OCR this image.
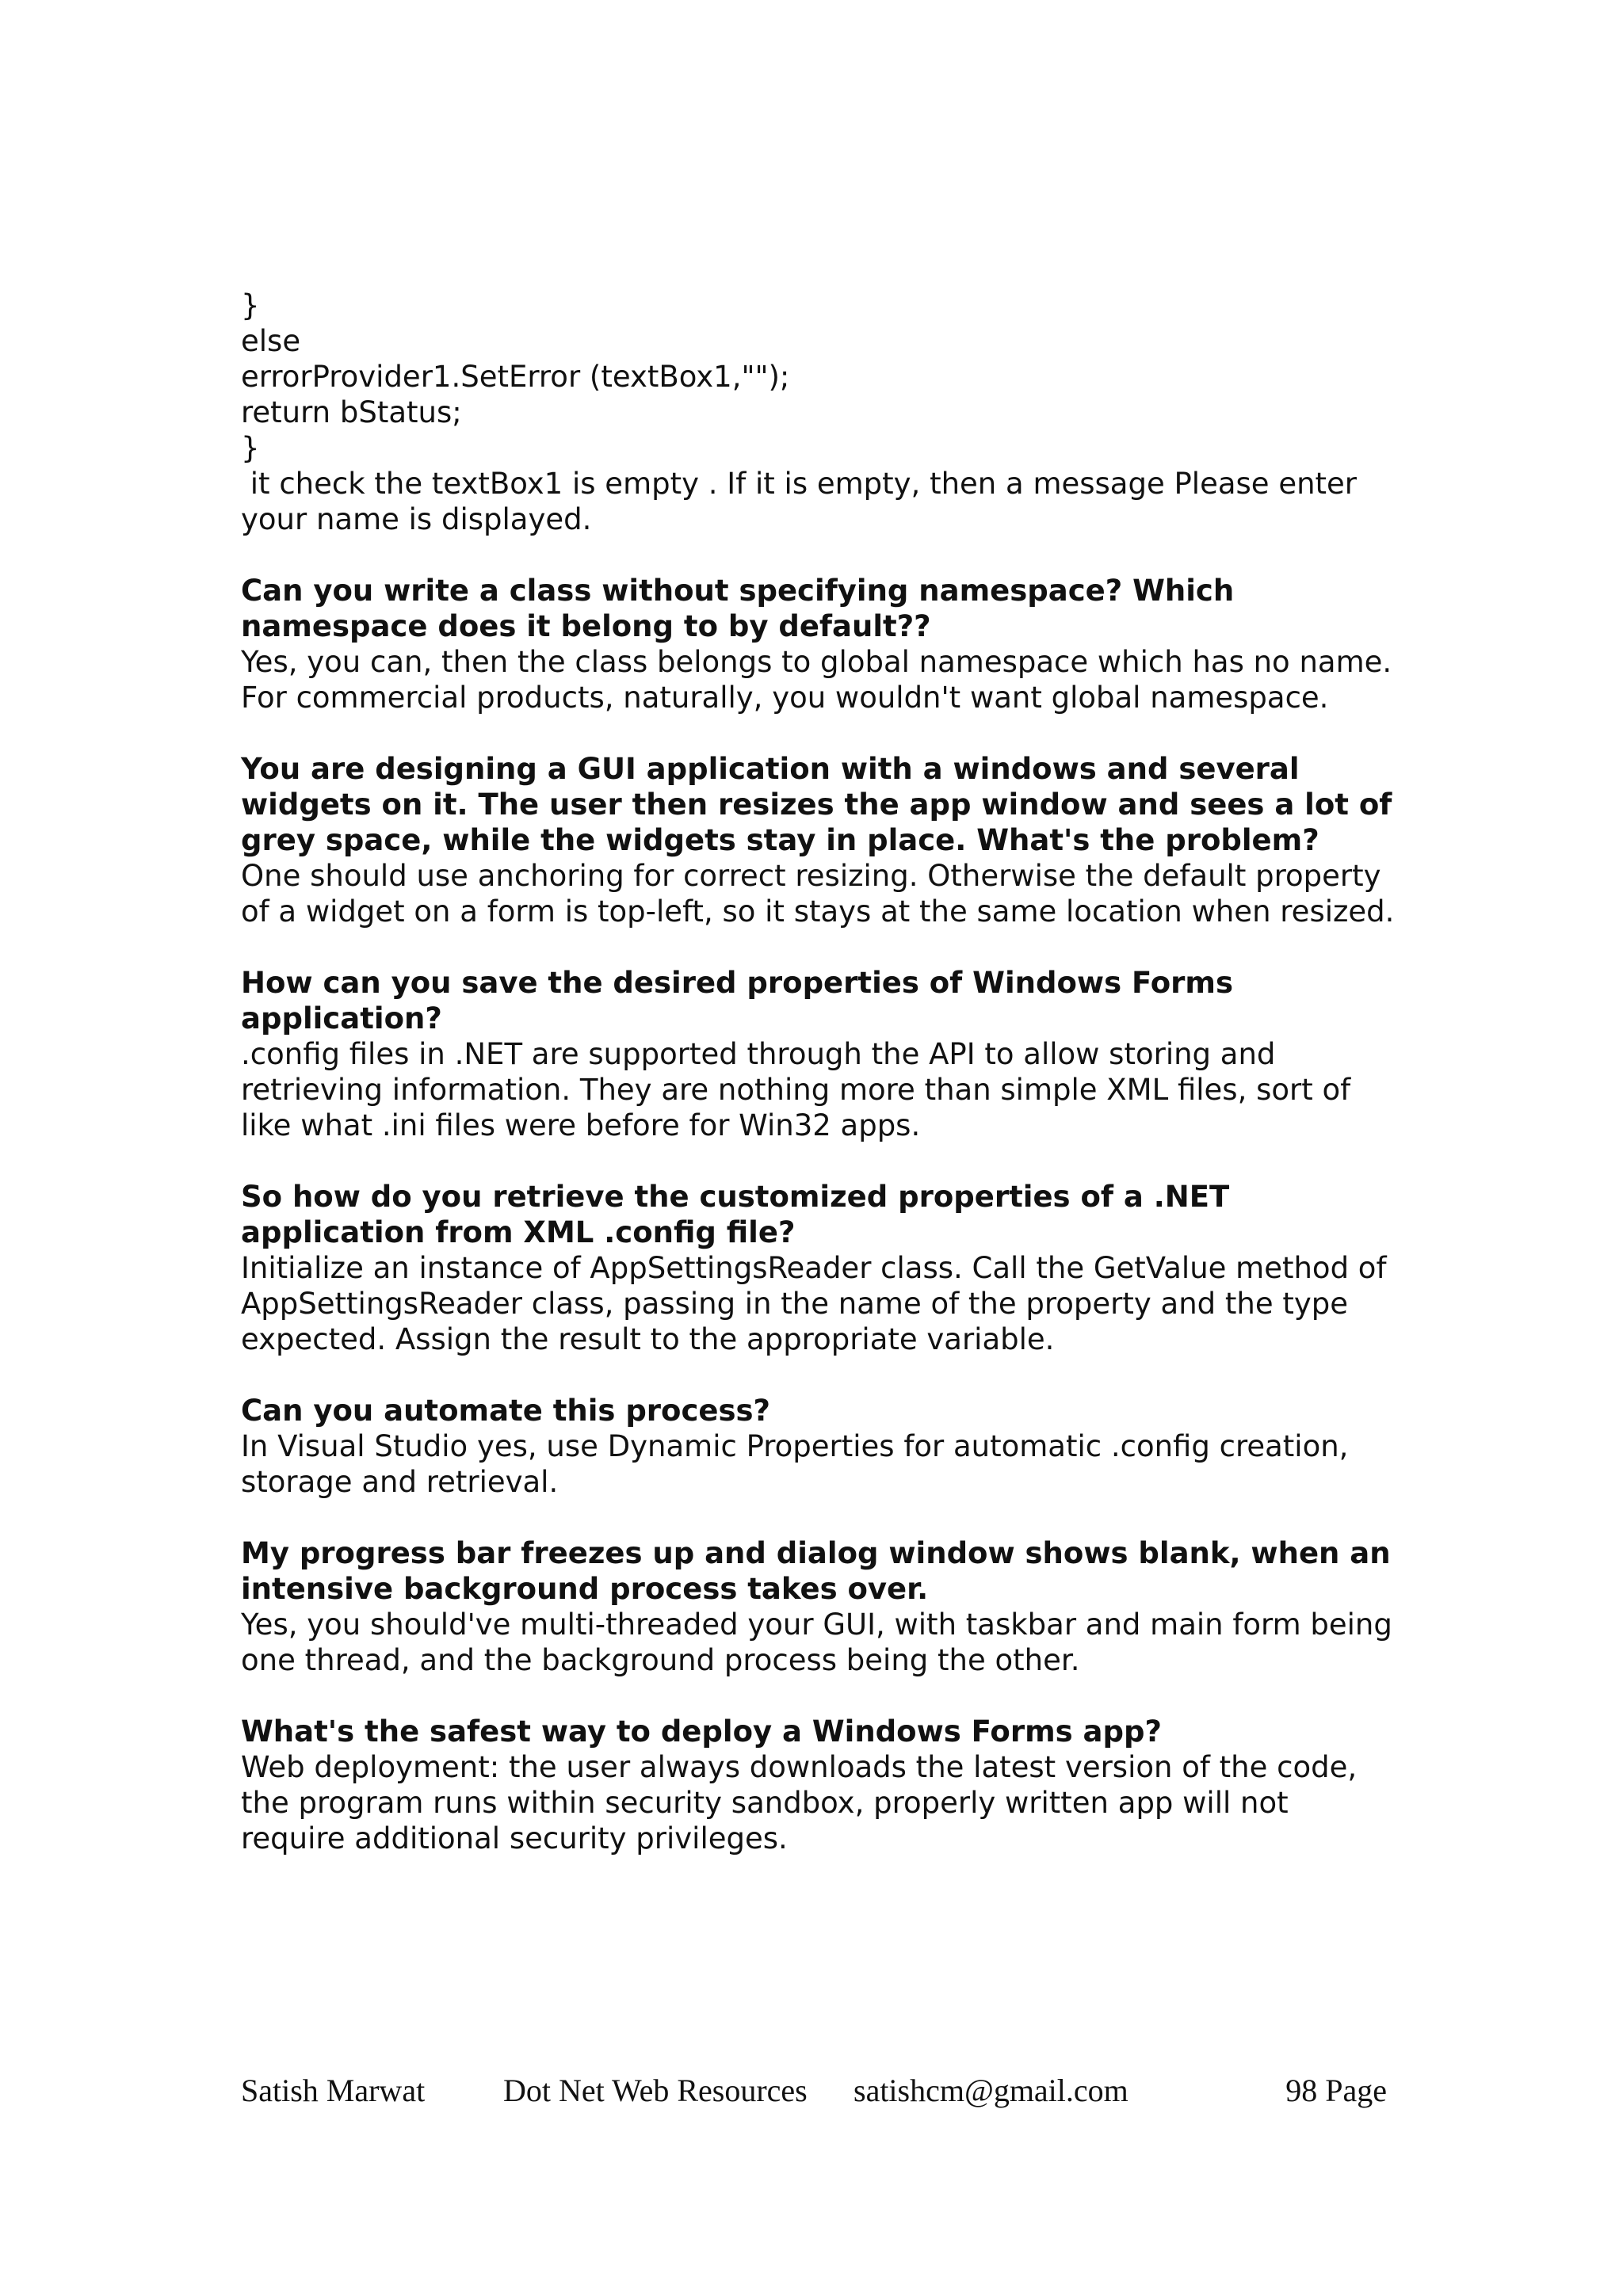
}
else
errorProvider1.SetError (textBox1,"");
return bStatus;
}
it check the textBox1 is empty . If it is empty, then a message Please enter your name is displayed.
Can you write a class without specifying namespace? Which namespace does it belong to by default??
Yes, you can, then the class belongs to global namespace which has no name. For commercial products, naturally, you wouldn't want global namespace.
You are designing a GUI application with a windows and several widgets on it. The user then resizes the app window and sees a lot of grey space, while the widgets stay in place. What's the problem?
One should use anchoring for correct resizing. Otherwise the default property of a widget on a form is top-left, so it stays at the same location when resized.
How can you save the desired properties of Windows Forms application?
.config files in .NET are supported through the API to allow storing and retrieving information. They are nothing more than simple XML files, sort of like what .ini files were before for Win32 apps.
So how do you retrieve the customized properties of a .NET application from XML .config file?
Initialize an instance of AppSettingsReader class. Call the GetValue method of AppSettingsReader class, passing in the name of the property and the type expected. Assign the result to the appropriate variable.
Can you automate this process?
In Visual Studio yes, use Dynamic Properties for automatic .config creation, storage and retrieval.
My progress bar freezes up and dialog window shows blank, when an intensive background process takes over.
Yes, you should've multi-threaded your GUI, with taskbar and main form being one thread, and the background process being the other.
What's the safest way to deploy a Windows Forms app?
Web deployment: the user always downloads the latest version of the code, the program runs within security sandbox, properly written app will not require additional security privileges.
Satish Marwat Dot Net Web Resources satishcm@gmail.com	98 Page
